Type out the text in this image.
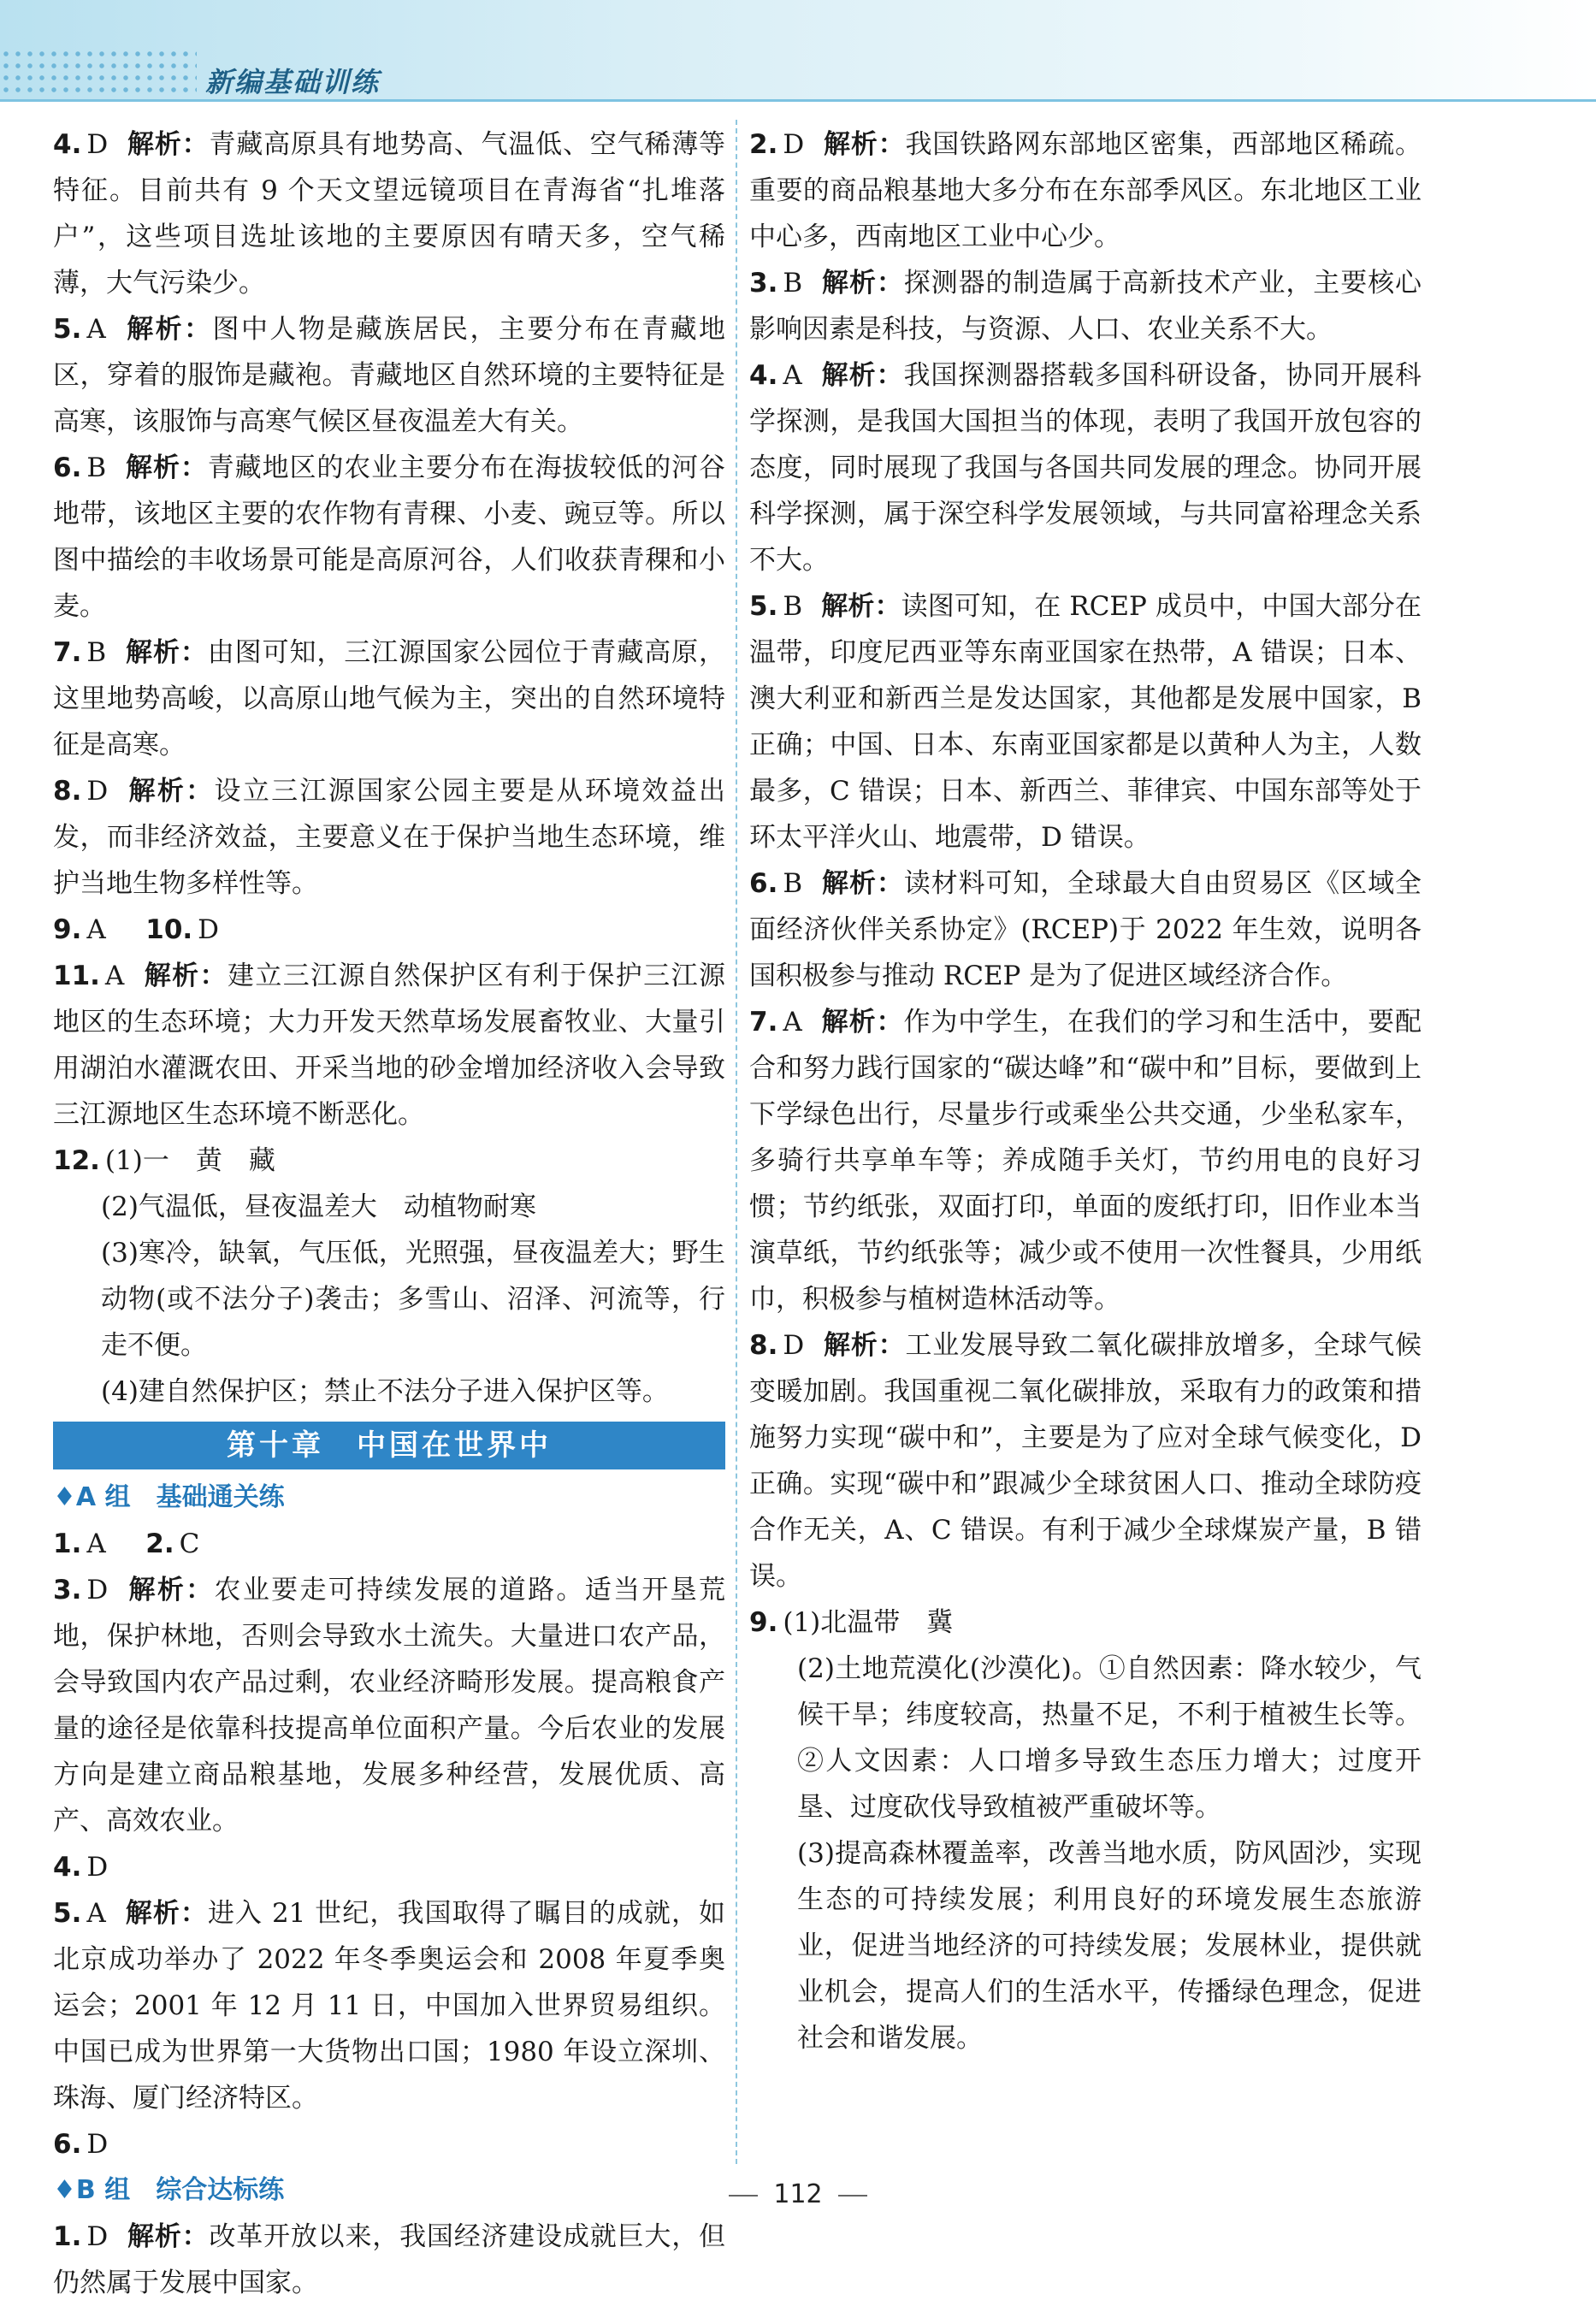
新编基础训练

4. D 解析：青藏高原具有地势高、气温低、空气稀薄等特征。目前共有 9 个天文望远镜项目在青海省“扎堆落户”，这些项目选址该地的主要原因有晴天多，空气稀薄，大气污染少。

5. A 解析：图中人物是藏族居民，主要分布在青藏地区，穿着的服饰是藏袍。青藏地区自然环境的主要特征是高寒，该服饰与高寒气候区昼夜温差大有关。

6. B 解析：青藏地区的农业主要分布在海拔较低的河谷地带，该地区主要的农作物有青稞、小麦、豌豆等。所以图中描绘的丰收场景可能是高原河谷，人们收获青稞和小麦。

7. B 解析：由图可知，三江源国家公园位于青藏高原，这里地势高峻，以高原山地气候为主，突出的自然环境特征是高寒。

8. D 解析：设立三江源国家公园主要是从环境效益出发，而非经济效益，主要意义在于保护当地生态环境，维护当地生物多样性等。

9. A   10. D

11. A 解析：建立三江源自然保护区有利于保护三江源地区的生态环境；大力开发天然草场发展畜牧业、大量引用湖泊水灌溉农田、开采当地的砂金增加经济收入会导致三江源地区生态环境不断恶化。

12. (1)一　黄　藏

(2)气温低，昼夜温差大　动植物耐寒

(3)寒冷，缺氧，气压低，光照强，昼夜温差大；野生动物(或不法分子)袭击；多雪山、沼泽、河流等，行走不便。

(4)建自然保护区；禁止不法分子进入保护区等。

第十章　中国在世界中
♦A 组　基础通关练

1. A   2. C

3. D 解析：农业要走可持续发展的道路。适当开垦荒地，保护林地，否则会导致水土流失。大量进口农产品，会导致国内农产品过剩，农业经济畸形发展。提高粮食产量的途径是依靠科技提高单位面积产量。今后农业的发展方向是建立商品粮基地，发展多种经营，发展优质、高产、高效农业。

4. D

5. A 解析：进入 21 世纪，我国取得了瞩目的成就，如北京成功举办了 2022 年冬季奥运会和 2008 年夏季奥运会；2001 年 12 月 11 日，中国加入世界贸易组织。中国已成为世界第一大货物出口国；1980 年设立深圳、珠海、厦门经济特区。

6. D

♦B 组　综合达标练

1. D 解析：改革开放以来，我国经济建设成就巨大，但仍然属于发展中国家。

2. D 解析：我国铁路网东部地区密集，西部地区稀疏。重要的商品粮基地大多分布在东部季风区。东北地区工业中心多，西南地区工业中心少。

3. B 解析：探测器的制造属于高新技术产业，主要核心影响因素是科技，与资源、人口、农业关系不大。

4. A 解析：我国探测器搭载多国科研设备，协同开展科学探测，是我国大国担当的体现，表明了我国开放包容的态度，同时展现了我国与各国共同发展的理念。协同开展科学探测，属于深空科学发展领域，与共同富裕理念关系不大。

5. B 解析：读图可知，在 RCEP 成员中，中国大部分在温带，印度尼西亚等东南亚国家在热带，A 错误；日本、澳大利亚和新西兰是发达国家，其他都是发展中国家，B 正确；中国、日本、东南亚国家都是以黄种人为主，人数最多，C 错误；日本、新西兰、菲律宾、中国东部等处于环太平洋火山、地震带，D 错误。

6. B 解析：读材料可知，全球最大自由贸易区《区域全面经济伙伴关系协定》(RCEP)于 2022 年生效，说明各国积极参与推动 RCEP 是为了促进区域经济合作。

7. A 解析：作为中学生，在我们的学习和生活中，要配合和努力践行国家的“碳达峰”和“碳中和”目标，要做到上下学绿色出行，尽量步行或乘坐公共交通，少坐私家车，多骑行共享单车等；养成随手关灯，节约用电的良好习惯；节约纸张，双面打印，单面的废纸打印，旧作业本当演草纸，节约纸张等；减少或不使用一次性餐具，少用纸巾，积极参与植树造林活动等。

8. D 解析：工业发展导致二氧化碳排放增多，全球气候变暖加剧。我国重视二氧化碳排放，采取有力的政策和措施努力实现“碳中和”，主要是为了应对全球气候变化，D 正确。实现“碳中和”跟减少全球贫困人口、推动全球防疫合作无关，A、C 错误。有利于减少全球煤炭产量，B 错误。

9. (1)北温带　冀

(2)土地荒漠化(沙漠化)。①自然因素：降水较少，气候干旱；纬度较高，热量不足，不利于植被生长等。②人文因素：人口增多导致生态压力增大；过度开垦、过度砍伐导致植被严重破坏等。

(3)提高森林覆盖率，改善当地水质，防风固沙，实现生态的可持续发展；利用良好的环境发展生态旅游业，促进当地经济的可持续发展；发展林业，提供就业机会，提高人们的生活水平，传播绿色理念，促进社会和谐发展。

112
